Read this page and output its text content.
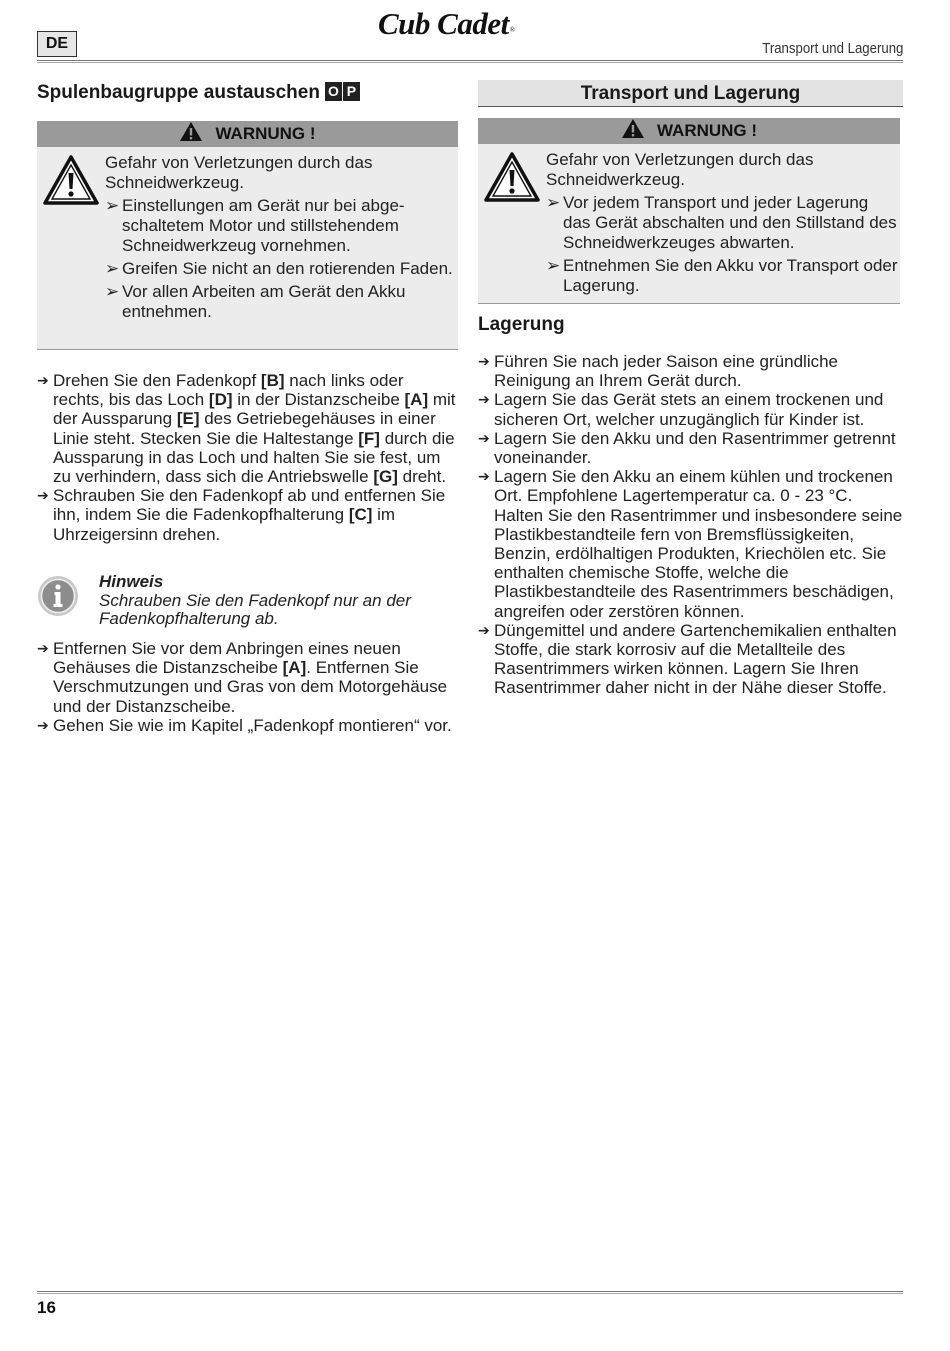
Cub Cadet®
DE	Transport und Lagerung
Spulenbaugruppe austauschen O P
WARNUNG !
Gefahr von Verletzungen durch das Schneidwerkzeug.
➢ Einstellungen am Gerät nur bei abgeschaltetem Motor und stillstehendem Schneidwerkzeug vornehmen.
➢ Greifen Sie nicht an den rotierenden Faden.
➢ Vor allen Arbeiten am Gerät den Akku entnehmen.
➔ Drehen Sie den Fadenkopf [B] nach links oder rechts, bis das Loch [D] in der Distanzscheibe [A] mit der Aussparung [E] des Getriebegehäuses in einer Linie steht. Stecken Sie die Haltestange [F] durch die Aussparung in das Loch und halten Sie sie fest, um zu verhindern, dass sich die Antriebswelle [G] dreht.
➔ Schrauben Sie den Fadenkopf ab und entfernen Sie ihn, indem Sie die Fadenkopfhalterung [C] im Uhrzeigersinn drehen.
Hinweis
Schrauben Sie den Fadenkopf nur an der Fadenkopfhalterung ab.
➔ Entfernen Sie vor dem Anbringen eines neuen Gehäuses die Distanzscheibe [A]. Entfernen Sie Verschmutzungen und Gras von dem Motorgehäuse und der Distanzscheibe.
➔ Gehen Sie wie im Kapitel „Fadenkopf montieren“ vor.
Transport und Lagerung
WARNUNG !
Gefahr von Verletzungen durch das Schneidwerkzeug.
➢ Vor jedem Transport und jeder Lagerung das Gerät abschalten und den Stillstand des Schneidwerkzeuges abwarten.
➢ Entnehmen Sie den Akku vor Transport oder Lagerung.
Lagerung
➔ Führen Sie nach jeder Saison eine gründliche Reinigung an Ihrem Gerät durch.
➔ Lagern Sie das Gerät stets an einem trockenen und sicheren Ort, welcher unzugänglich für Kinder ist.
➔ Lagern Sie den Akku und den Rasentrimmer getrennt voneinander.
➔ Lagern Sie den Akku an einem kühlen und trockenen Ort. Empfohlene Lagertemperatur ca. 0 - 23 °C. Halten Sie den Rasentrimmer und insbesondere seine Plastikbestandteile fern von Bremsflüssigkeiten, Benzin, erdölhaltigen Produkten, Kriechölen etc. Sie enthalten chemische Stoffe, welche die Plastikbestandteile des Rasentrimmers beschädigen, angreifen oder zerstören können.
➔ Düngemittel und andere Gartenchemikalien enthalten Stoffe, die stark korrosiv auf die Metallteile des Rasentrimmers wirken können. Lagern Sie Ihren Rasentrimmer daher nicht in der Nähe dieser Stoffe.
16
